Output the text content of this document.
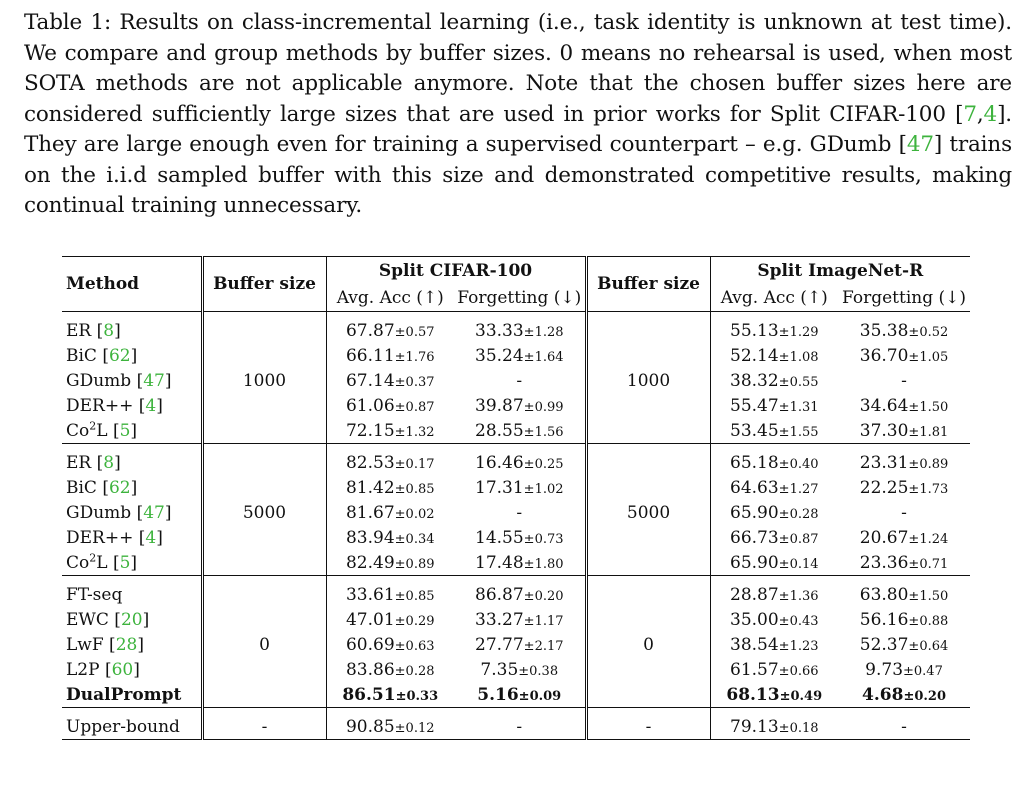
Table 1: Results on class-incremental learning (i.e., task identity is unknown at test time). We compare and group methods by buffer sizes. 0 means no rehearsal is used, when most SOTA methods are not applicable anymore. Note that the chosen buffer sizes here are considered sufficiently large sizes that are used in prior works for Split CIFAR-100 [7,4]. They are large enough even for training a supervised counterpart – e.g. GDumb [47] trains on the i.i.d sampled buffer with this size and demonstrated competitive results, making continual training unnecessary.
Method	Buffer size	Split CIFAR-100		Buffer size	Split ImageNet-R	
		Avg. Acc (↑)	Forgetting (↓)		Avg. Acc (↑)	Forgetting (↓)

ER [8]	1000	67.87±0.57	33.33±1.28	1000	55.13±1.29	35.38±0.52
BiC [62]		66.11±1.76	35.24±1.64		52.14±1.08	36.70±1.05
GDumb [47]		67.14±0.37	-		38.32±0.55	-
DER++ [4]		61.06±0.87	39.87±0.99		55.47±1.31	34.64±1.50
Co$^2$L [5]		72.15±1.32	28.55±1.56		53.45±1.55	37.30±1.81

ER [8]	5000	82.53±0.17	16.46±0.25	5000	65.18±0.40	23.31±0.89
BiC [62]		81.42±0.85	17.31±1.02		64.63±1.27	22.25±1.73
GDumb [47]		81.67±0.02	-		65.90±0.28	-
DER++ [4]		83.94±0.34	14.55±0.73		66.73±0.87	20.67±1.24
Co$^2$L [5]		82.49±0.89	17.48±1.80		65.90±0.14	23.36±0.71

FT-seq	0	33.61±0.85	86.87±0.20	0	28.87±1.36	63.80±1.50
EWC [20]		47.01±0.29	33.27±1.17		35.00±0.43	56.16±0.88
LwF [28]		60.69±0.63	27.77±2.17		38.54±1.23	52.37±0.64
L2P [60]		83.86±0.28	7.35±0.38		61.57±0.66	9.73±0.47
DualPrompt		86.51±0.33	5.16±0.09		68.13±0.49	4.68±0.20

Upper-bound	-	90.85±0.12	-	-	79.13±0.18	-
